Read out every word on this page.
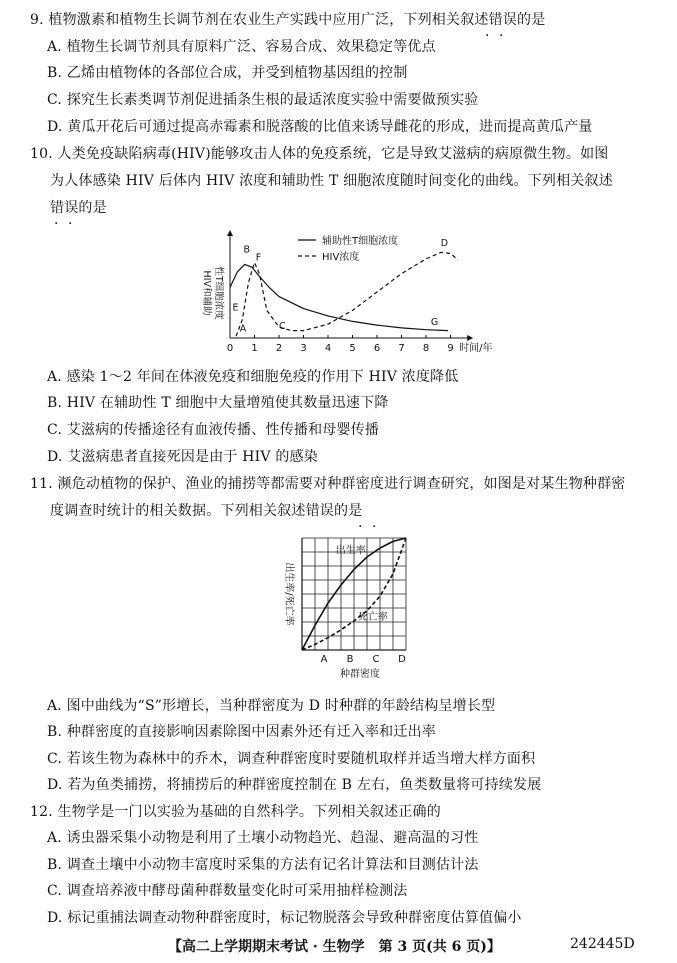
9. 植物激素和植物生长调节剂在农业生产实践中应用广泛，下列相关叙述错误的是
· ·
A. 植物生长调节剂具有原料广泛、容易合成、效果稳定等优点
B. 乙烯由植物体的各部位合成，并受到植物基因组的控制
C. 探究生长素类调节剂促进插条生根的最适浓度实验中需要做预实验
D. 黄瓜开花后可通过提高赤霉素和脱落酸的比值来诱导雌花的形成，进而提高黄瓜产量
10. 人类免疫缺陷病毒(HIV)能够攻击人体的免疫系统，它是导致艾滋病的病原微生物。如图
为人体感染 HIV 后体内 HIV 浓度和辅助性 T 细胞浓度随时间变化的曲线。下列相关叙述
错误的是
· ·
HIV和辅助 性T细胞浓度
0 1 2 3 4 5 6 7 8 9 时间/年
B
F
E
A	C
D
G
辅助性T细胞浓度
HIV浓度
A. 感染 1～2 年间在体液免疫和细胞免疫的作用下 HIV 浓度降低
B. HIV 在辅助性 T 细胞中大量增殖使其数量迅速下降
C. 艾滋病的传播途径有血液传播、性传播和母婴传播
D. 艾滋病患者直接死因是由于 HIV 的感染
11. 濒危动植物的保护、渔业的捕捞等都需要对种群密度进行调查研究，如图是对某生物种群密
度调查时统计的相关数据。下列相关叙述错误的是
· ·
出生率
死亡率
A B C D
种群密度
出生率/死亡率
A. 图中曲线为“S”形增长，当种群密度为 D 时种群的年龄结构呈增长型
B. 种群密度的直接影响因素除图中因素外还有迁入率和迁出率
C. 若该生物为森林中的乔木，调查种群密度时要随机取样并适当增大样方面积
D. 若为鱼类捕捞，将捕捞后的种群密度控制在 B 左右，鱼类数量将可持续发展
12. 生物学是一门以实验为基础的自然科学。下列相关叙述正确的
A. 诱虫器采集小动物是利用了土壤小动物趋光、趋湿、避高温的习性
B. 调查土壤中小动物丰富度时采集的方法有记名计算法和目测估计法
C. 调查培养液中酵母菌种群数量变化时可采用抽样检测法
D. 标记重捕法调查动物种群密度时，标记物脱落会导致种群密度估算值偏小
【高二上学期期末考试 · 生物学　第 3 页(共 6 页)】	242445D
